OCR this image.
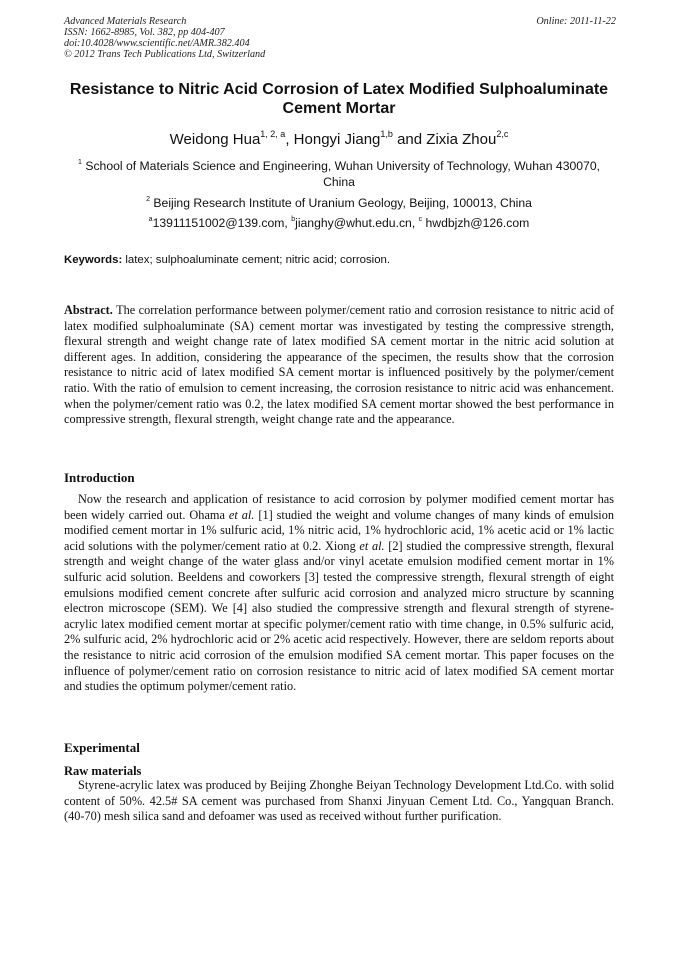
Advanced Materials Research
ISSN: 1662-8985, Vol. 382, pp 404-407
doi:10.4028/www.scientific.net/AMR.382.404
© 2012 Trans Tech Publications Ltd, Switzerland
Online: 2011-11-22
Resistance to Nitric Acid Corrosion of Latex Modified Sulphoaluminate Cement Mortar
Weidong Hua$^{1, 2, a}$, Hongyi Jiang$^{1,b}$ and Zixia Zhou$^{2,c}$
$^1$ School of Materials Science and Engineering, Wuhan University of Technology, Wuhan 430070, China
$^2$ Beijing Research Institute of Uranium Geology, Beijing, 100013, China
$^a$13911151002@139.com, $^b$jianghy@whut.edu.cn, $^c$ hwdbjzh@126.com
Keywords: latex; sulphoaluminate cement; nitric acid; corrosion.
Abstract. The correlation performance between polymer/cement ratio and corrosion resistance to nitric acid of latex modified sulphoaluminate (SA) cement mortar was investigated by testing the compressive strength, flexural strength and weight change rate of latex modified SA cement mortar in the nitric acid solution at different ages. In addition, considering the appearance of the specimen, the results show that the corrosion resistance to nitric acid of latex modified SA cement mortar is influenced positively by the polymer/cement ratio. With the ratio of emulsion to cement increasing, the corrosion resistance to nitric acid was enhancement. when the polymer/cement ratio was 0.2, the latex modified SA cement mortar showed the best performance in compressive strength, flexural strength, weight change rate and the appearance.
Introduction
Now the research and application of resistance to acid corrosion by polymer modified cement mortar has been widely carried out. Ohama et al. [1] studied the weight and volume changes of many kinds of emulsion modified cement mortar in 1% sulfuric acid, 1% nitric acid, 1% hydrochloric acid, 1% acetic acid or 1% lactic acid solutions with the polymer/cement ratio at 0.2. Xiong et al. [2] studied the compressive strength, flexural strength and weight change of the water glass and/or vinyl acetate emulsion modified cement mortar in 1% sulfuric acid solution. Beeldens and coworkers [3] tested the compressive strength, flexural strength of eight emulsions modified cement concrete after sulfuric acid corrosion and analyzed micro structure by scanning electron microscope (SEM). We [4] also studied the compressive strength and flexural strength of styrene-acrylic latex modified cement mortar at specific polymer/cement ratio with time change, in 0.5% sulfuric acid, 2% sulfuric acid, 2% hydrochloric acid or 2% acetic acid respectively. However, there are seldom reports about the resistance to nitric acid corrosion of the emulsion modified SA cement mortar. This paper focuses on the influence of polymer/cement ratio on corrosion resistance to nitric acid of latex modified SA cement mortar and studies the optimum polymer/cement ratio.
Experimental
Raw materials
Styrene-acrylic latex was produced by Beijing Zhonghe Beiyan Technology Development Ltd.Co. with solid content of 50%. 42.5# SA cement was purchased from Shanxi Jinyuan Cement Ltd. Co., Yangquan Branch. (40-70) mesh silica sand and defoamer was used as received without further purification.
